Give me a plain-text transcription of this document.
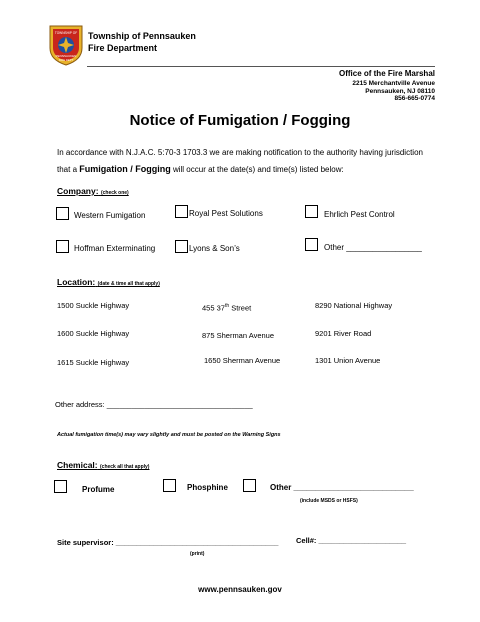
TOWNSHIP OF
PENNSAUKEN
FIRE DEPT
Township of Pennsauken
Fire Department
Office of the Fire Marshal
2215 Merchantville Avenue
Pennsauken, NJ 08110
856-665-0774
Notice of Fumigation / Fogging
In accordance with N.J.A.C. 5:70-3 1703.3 we are making notification to the authority having jurisdiction
that a Fumigation / Fogging will occur at the date(s) and time(s) listed below:
Company: (check one)
Western Fumigation	Royal Pest Solutions	Ehrlich Pest Control
Hoffman Exterminating	Lyons & Son’s	Other _________________
Location: (date & time all that apply)
1500 Suckle Highway	455 37th Street	8290 National Highway
1600 Suckle Highway	875 Sherman Avenue	9201 River Road
1615 Suckle Highway	1650 Sherman Avenue	1301 Union Avenue
Other address: ___________________________________
Actual fumigation time(s) may vary slightly and must be posted on the Warning Signs
Chemical: (check all that apply)
Profume	Phosphine	Other ___________________________
(include MSDS or HSFS)
Site supervisor: _______________________________________
(print)
Cell#: _____________________
www.pennsauken.gov
